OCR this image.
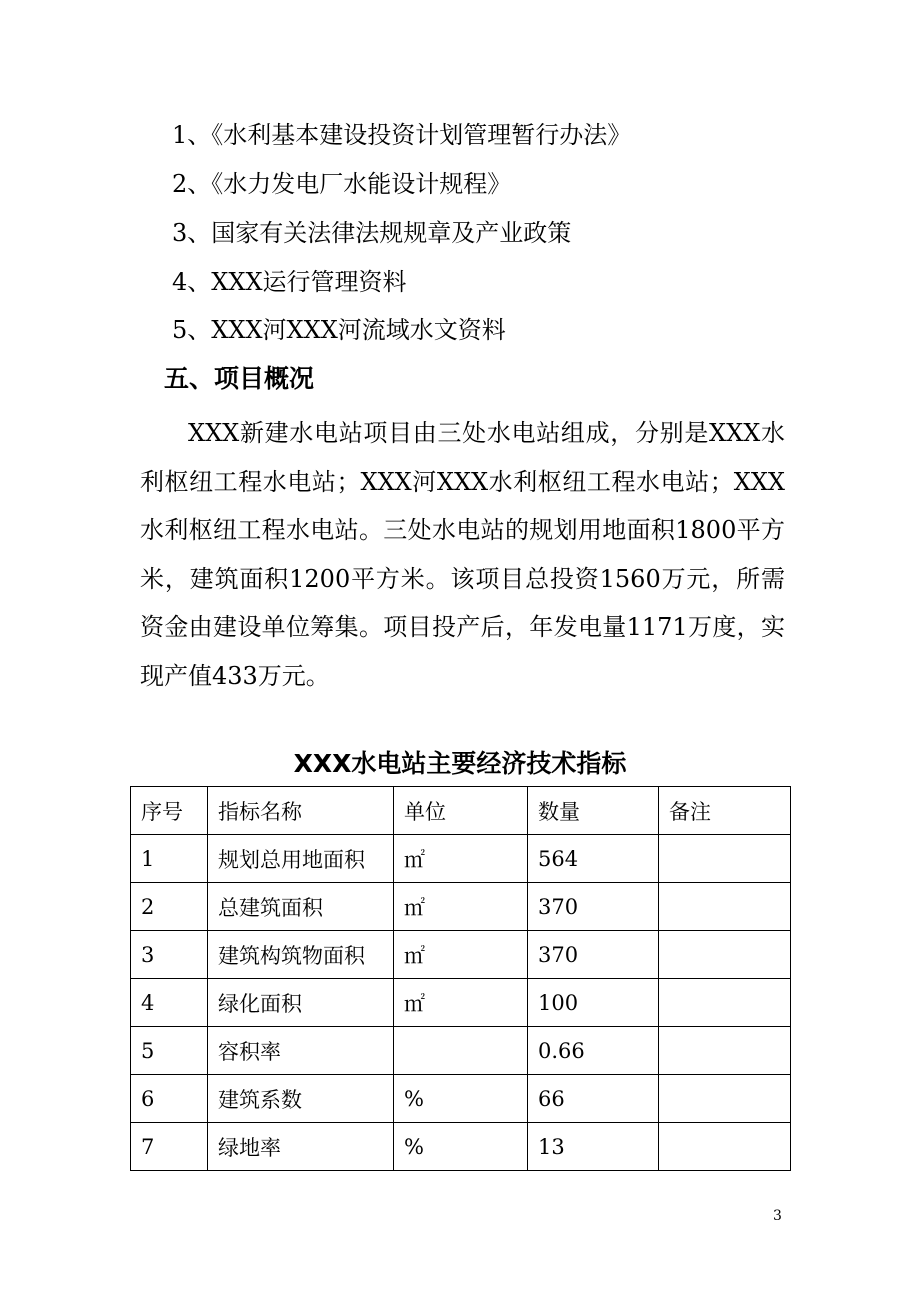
1、《水利基本建设投资计划管理暂行办法》
2、《水力发电厂水能设计规程》
3、国家有关法律法规规章及产业政策
4、XXX运行管理资料
5、XXX河XXX河流域水文资料
五、项目概况
XXX新建水电站项目由三处水电站组成，分别是XXX水利枢纽工程水电站；XXX河XXX水利枢纽工程水电站；XXX水利枢纽工程水电站。三处水电站的规划用地面积1800平方米，建筑面积1200平方米。该项目总投资1560万元，所需资金由建设单位筹集。项目投产后，年发电量1171万度，实现产值433万元。
XXX水电站主要经济技术指标
序号	指标名称	单位	数量	备注
1	规划总用地面积	㎡	564	
2	总建筑面积	㎡	370	
3	建筑构筑物面积	㎡	370	
4	绿化面积	㎡	100	
5	容积率		0.66	
6	建筑系数	%	66	
7	绿地率	%	13	
3
